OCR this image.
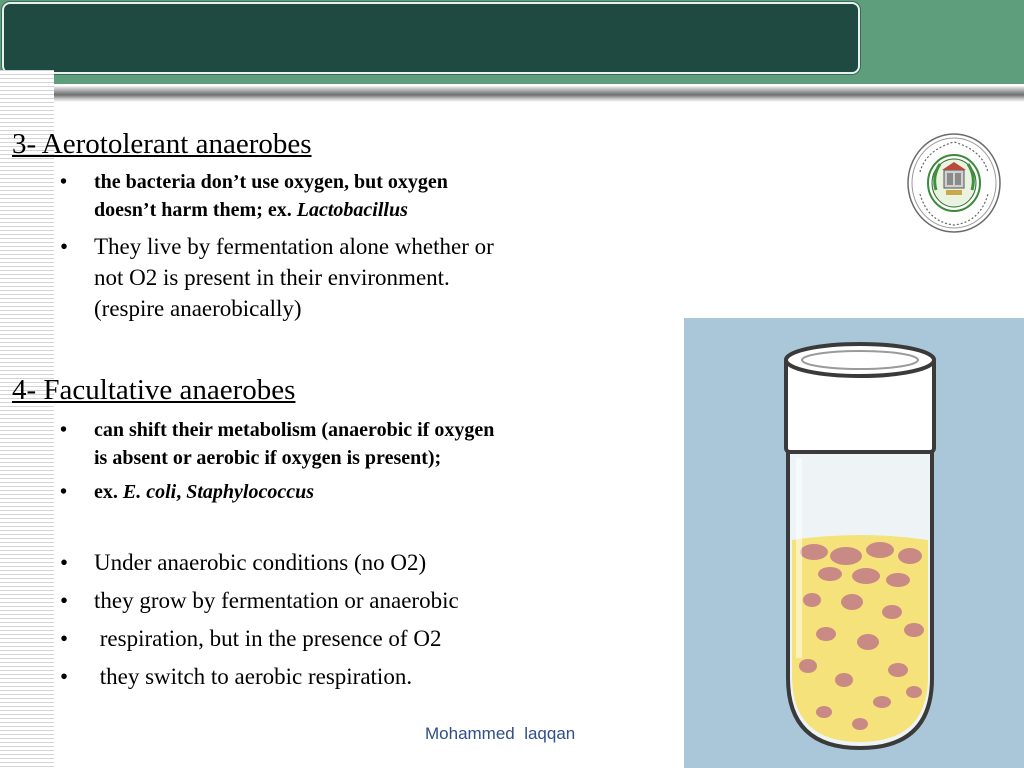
3- Aerotolerant anaerobes
• the bacteria don’t use oxygen, but oxygen
doesn’t harm them; ex. Lactobacillus
• They live by fermentation alone whether or
not O2 is present in their environment.
(respire anaerobically)
4- Facultative anaerobes
• can shift their metabolism (anaerobic if oxygen
is absent or aerobic if oxygen is present);
• ex. E. coli, Staphylococcus
• Under anaerobic conditions (no O2)
• they grow by fermentation or anaerobic
• respiration, but in the presence of O2
• they switch to aerobic respiration.
Mohammed  laqqan
